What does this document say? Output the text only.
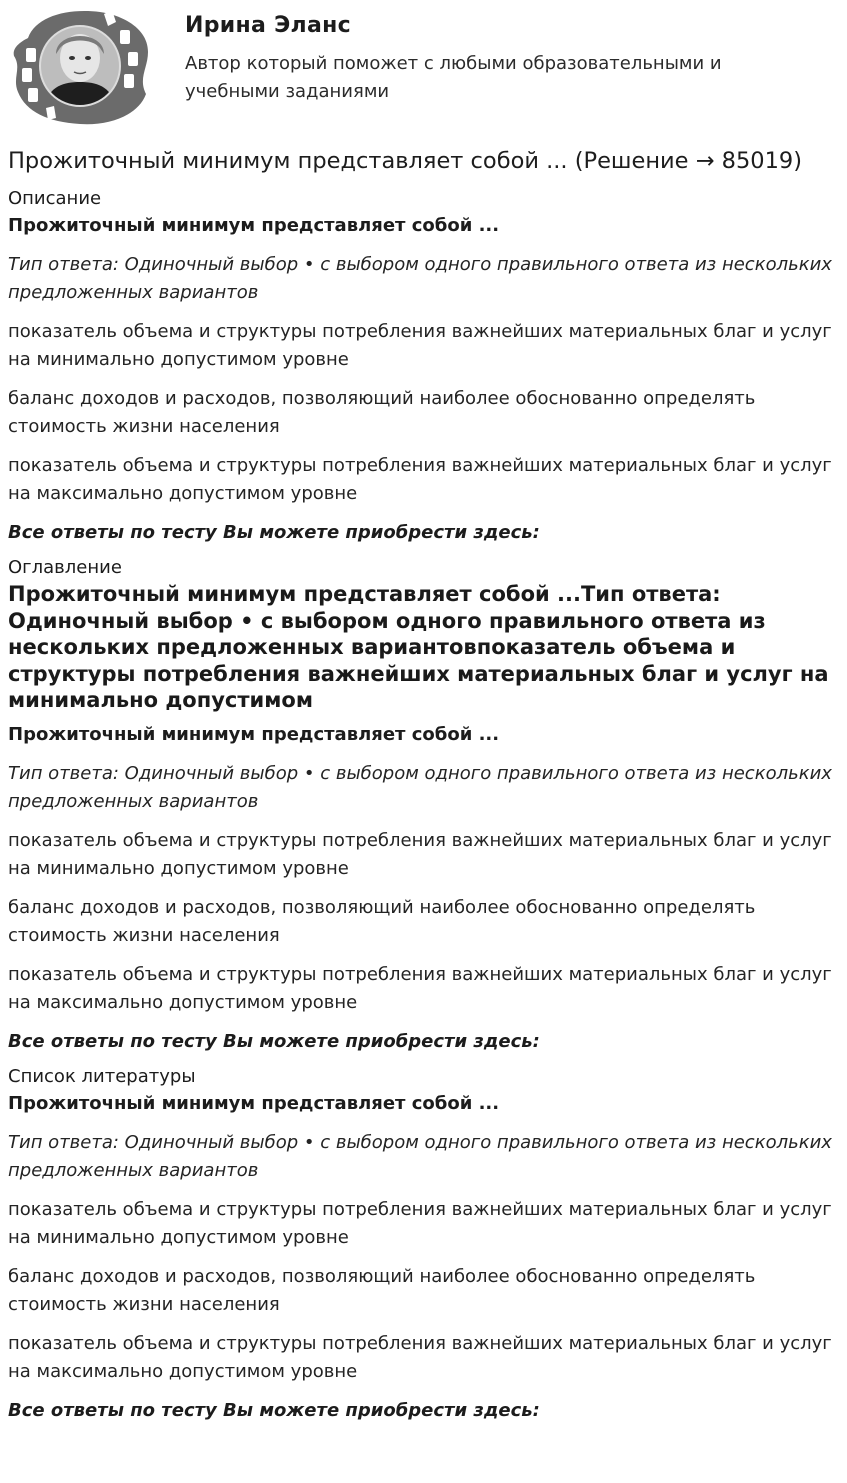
Ирина Эланс
Автор который поможет с любыми образовательными и учебными заданиями
Прожиточный минимум представляет собой ... (Решение → 85019)
Описание
Прожиточный минимум представляет собой ...
Тип ответа: Одиночный выбор • с выбором одного правильного ответа из нескольких предложенных вариантов
показатель объема и структуры потребления важнейших материальных благ и услуг на минимально допустимом уровне
баланс доходов и расходов, позволяющий наиболее обоснованно определять стоимость жизни населения
показатель объема и структуры потребления важнейших материальных благ и услуг на максимально допустимом уровне
Все ответы по тесту Вы можете приобрести здесь:
Оглавление
Прожиточный минимум представляет собой ...Тип ответа: Одиночный выбор • с выбором одного правильного ответа из нескольких предложенных вариантовпоказатель объема и структуры потребления важнейших материальных благ и услуг на минимально допустимом
Прожиточный минимум представляет собой ...
Тип ответа: Одиночный выбор • с выбором одного правильного ответа из нескольких предложенных вариантов
показатель объема и структуры потребления важнейших материальных благ и услуг на минимально допустимом уровне
баланс доходов и расходов, позволяющий наиболее обоснованно определять стоимость жизни населения
показатель объема и структуры потребления важнейших материальных благ и услуг на максимально допустимом уровне
Все ответы по тесту Вы можете приобрести здесь:
Список литературы
Прожиточный минимум представляет собой ...
Тип ответа: Одиночный выбор • с выбором одного правильного ответа из нескольких предложенных вариантов
показатель объема и структуры потребления важнейших материальных благ и услуг на минимально допустимом уровне
баланс доходов и расходов, позволяющий наиболее обоснованно определять стоимость жизни населения
показатель объема и структуры потребления важнейших материальных благ и услуг на максимально допустимом уровне
Все ответы по тесту Вы можете приобрести здесь:
